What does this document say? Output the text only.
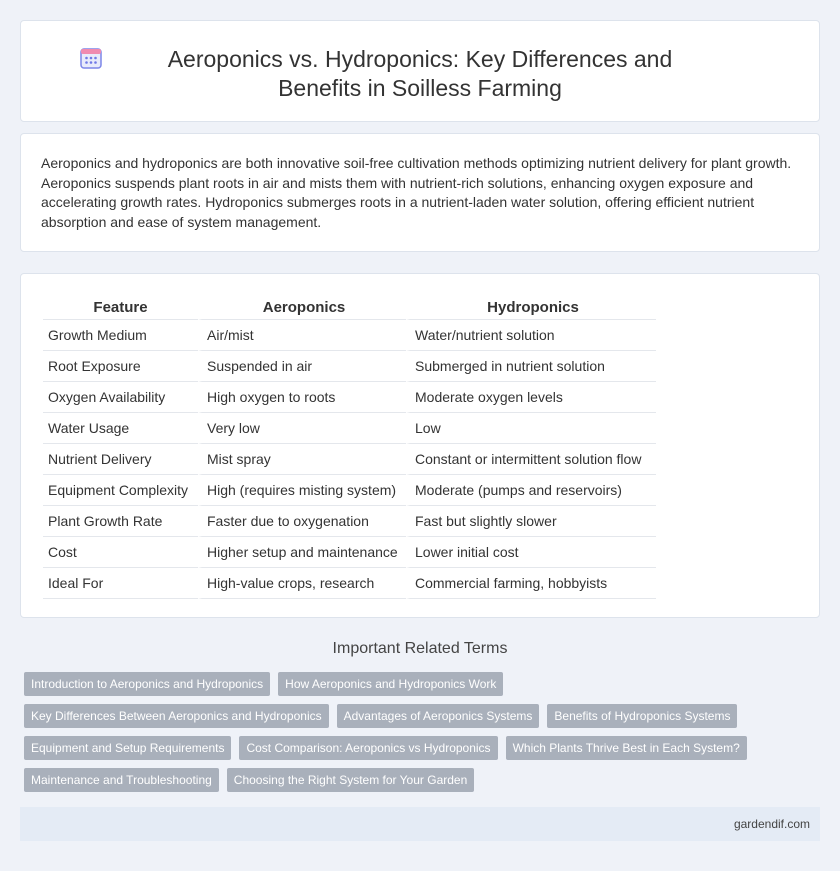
Aeroponics vs. Hydroponics: Key Differences and Benefits in Soilless Farming

Aeroponics and hydroponics are both innovative soil-free cultivation methods optimizing nutrient delivery for plant growth. Aeroponics suspends plant roots in air and mists them with nutrient-rich solutions, enhancing oxygen exposure and accelerating growth rates. Hydroponics submerges roots in a nutrient-laden water solution, offering efficient nutrient absorption and ease of system management.

Feature	Aeroponics	Hydroponics
Growth Medium	Air/mist	Water/nutrient solution
Root Exposure	Suspended in air	Submerged in nutrient solution
Oxygen Availability	High oxygen to roots	Moderate oxygen levels
Water Usage	Very low	Low
Nutrient Delivery	Mist spray	Constant or intermittent solution flow
Equipment Complexity	High (requires misting system)	Moderate (pumps and reservoirs)
Plant Growth Rate	Faster due to oxygenation	Fast but slightly slower
Cost	Higher setup and maintenance	Lower initial cost
Ideal For	High-value crops, research	Commercial farming, hobbyists
Important Related Terms
Introduction to Aeroponics and Hydroponics	How Aeroponics and Hydroponics Work
Key Differences Between Aeroponics and Hydroponics	Advantages of Aeroponics Systems	Benefits of Hydroponics Systems
Equipment and Setup Requirements	Cost Comparison: Aeroponics vs Hydroponics	Which Plants Thrive Best in Each System?
Maintenance and Troubleshooting	Choosing the Right System for Your Garden
gardendif.com
